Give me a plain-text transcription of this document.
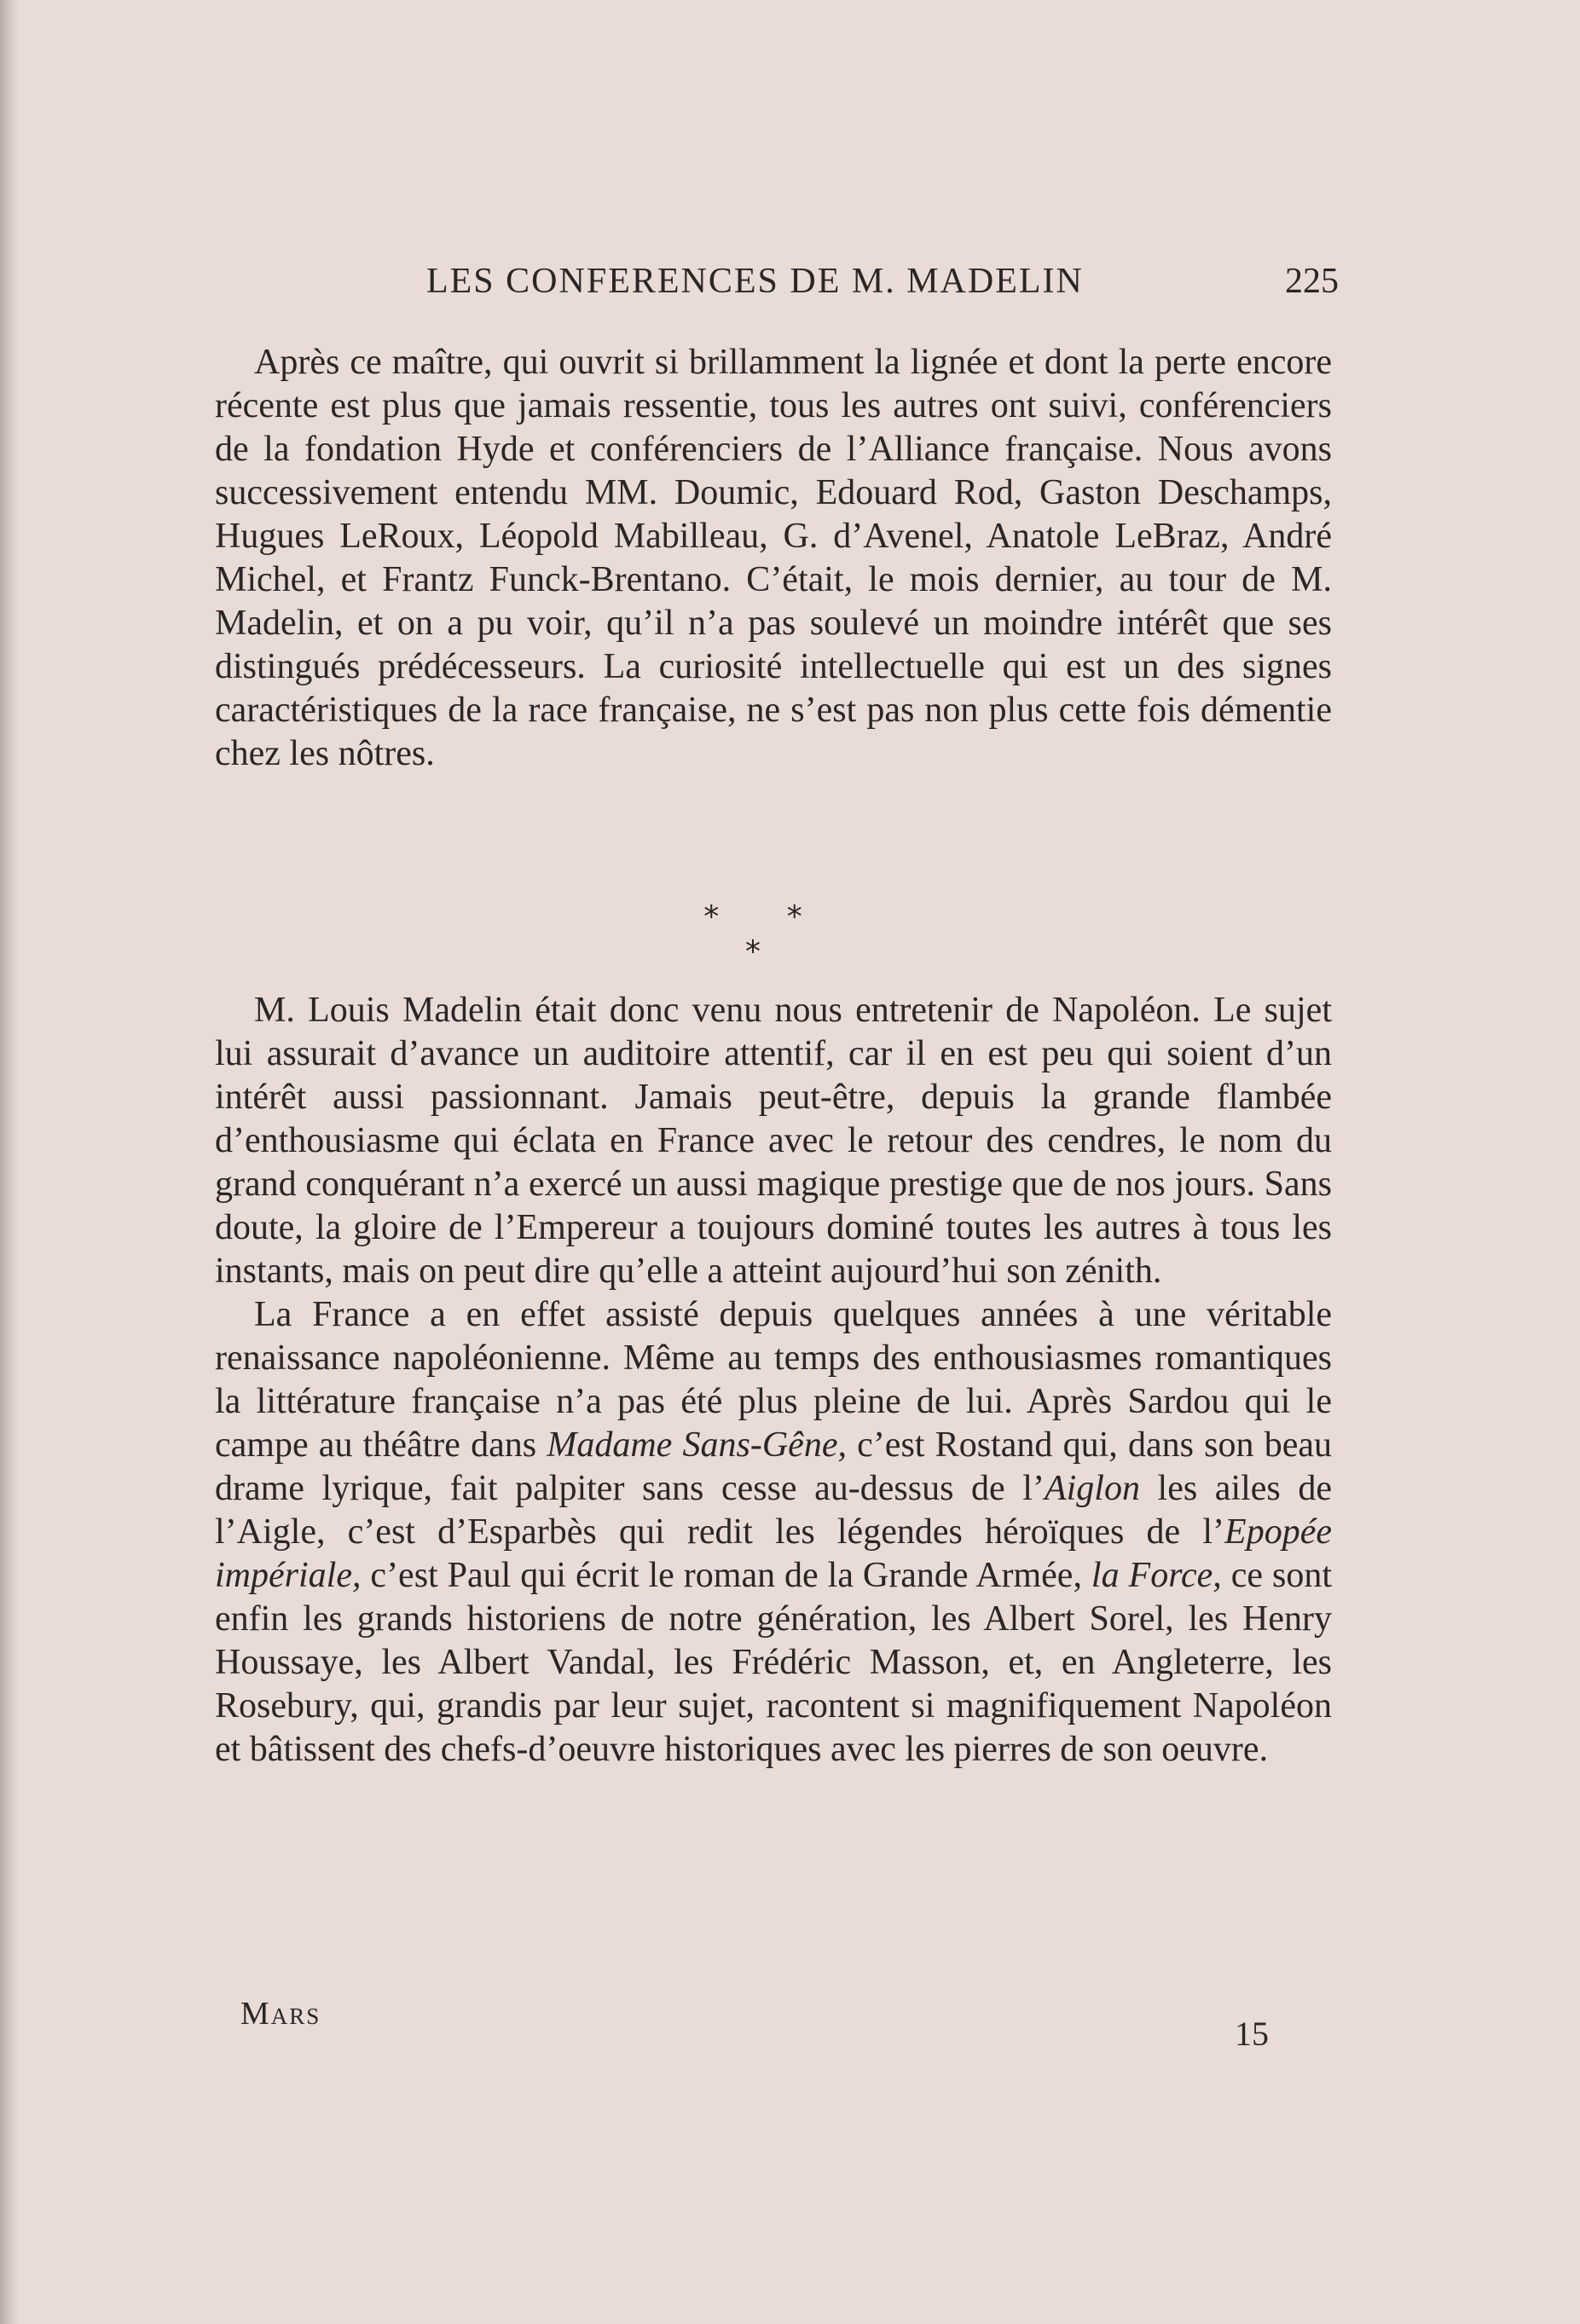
LES CONFERENCES DE M. MADELIN	225

Après ce maître, qui ouvrit si brillamment la lignée et dont la perte encore récente est plus que jamais ressentie, tous les autres ont suivi, conférenciers de la fondation Hyde et conférenciers de l’Alliance française. Nous avons successivement entendu MM. Doumic, Edouard Rod, Gaston Deschamps, Hugues LeRoux, Léopold Mabilleau, G. d’Avenel, Anatole LeBraz, André Michel, et Frantz Funck-Brentano. C’était, le mois dernier, au tour de M. Madelin, et on a pu voir, qu’il n’a pas soulevé un moindre intérêt que ses distingués prédécesseurs. La curiosité intellectuelle qui est un des signes caractéristiques de la race française, ne s’est pas non plus cette fois démentie chez les nôtres.

* * *

M. Louis Madelin était donc venu nous entretenir de Napoléon. Le sujet lui assurait d’avance un auditoire attentif, car il en est peu qui soient d’un intérêt aussi passionnant. Jamais peut-être, depuis la grande flambée d’enthousiasme qui éclata en France avec le retour des cendres, le nom du grand conquérant n’a exercé un aussi magique prestige que de nos jours. Sans doute, la gloire de l’Empereur a toujours dominé toutes les autres à tous les instants, mais on peut dire qu’elle a atteint aujourd’hui son zénith.

La France a en effet assisté depuis quelques années à une véritable renaissance napoléonienne. Même au temps des enthousiasmes romantiques la littérature française n’a pas été plus pleine de lui. Après Sardou qui le campe au théâtre dans Madame Sans-Gêne, c’est Rostand qui, dans son beau drame lyrique, fait palpiter sans cesse au-dessus de l’Aiglon les ailes de l’Aigle, c’est d’Esparbès qui redit les légendes héroïques de l’Epopée impériale, c’est Paul qui écrit le roman de la Grande Armée, la Force, ce sont enfin les grands historiens de notre génération, les Albert Sorel, les Henry Houssaye, les Albert Vandal, les Frédéric Masson, et, en Angleterre, les Rosebury, qui, grandis par leur sujet, racontent si magnifiquement Napoléon et bâtissent des chefs-d’oeuvre historiques avec les pierres de son oeuvre.

Mars
15
